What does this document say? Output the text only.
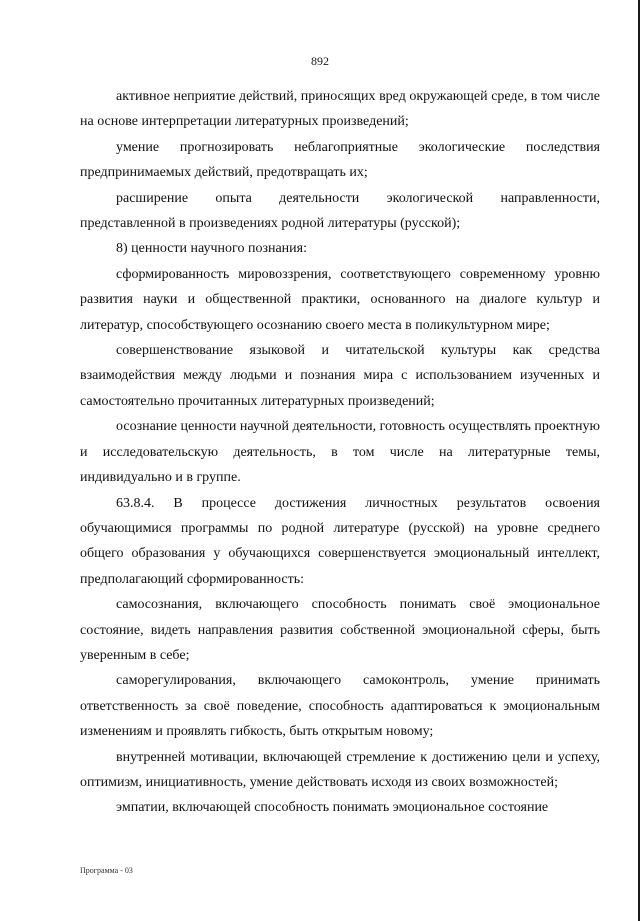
892

активное неприятие действий, приносящих вред окружающей среде, в том числе на основе интерпретации литературных произведений;

умение прогнозировать неблагоприятные экологические последствия предпринимаемых действий, предотвращать их;

расширение опыта деятельности экологической направленности, представленной в произведениях родной литературы (русской);

8) ценности научного познания:

сформированность мировоззрения, соответствующего современному уровню развития науки и общественной практики, основанного на диалоге культур и литератур, способствующего осознанию своего места в поликультурном мире;

совершенствование языковой и читательской культуры как средства взаимодействия между людьми и познания мира с использованием изученных и самостоятельно прочитанных литературных произведений;

осознание ценности научной деятельности, готовность осуществлять проектную и исследовательскую деятельность, в том числе на литературные темы, индивидуально и в группе.

63.8.4. В процессе достижения личностных результатов освоения обучающимися программы по родной литературе (русской) на уровне среднего общего образования у обучающихся совершенствуется эмоциональный интеллект, предполагающий сформированность:

самосознания, включающего способность понимать своё эмоциональное состояние, видеть направления развития собственной эмоциональной сферы, быть уверенным в себе;

саморегулирования, включающего самоконтроль, умение принимать ответственность за своё поведение, способность адаптироваться к эмоциональным изменениям и проявлять гибкость, быть открытым новому;

внутренней мотивации, включающей стремление к достижению цели и успеху, оптимизм, инициативность, умение действовать исходя из своих возможностей;

эмпатии, включающей способность понимать эмоциональное состояние

Программа - 03
